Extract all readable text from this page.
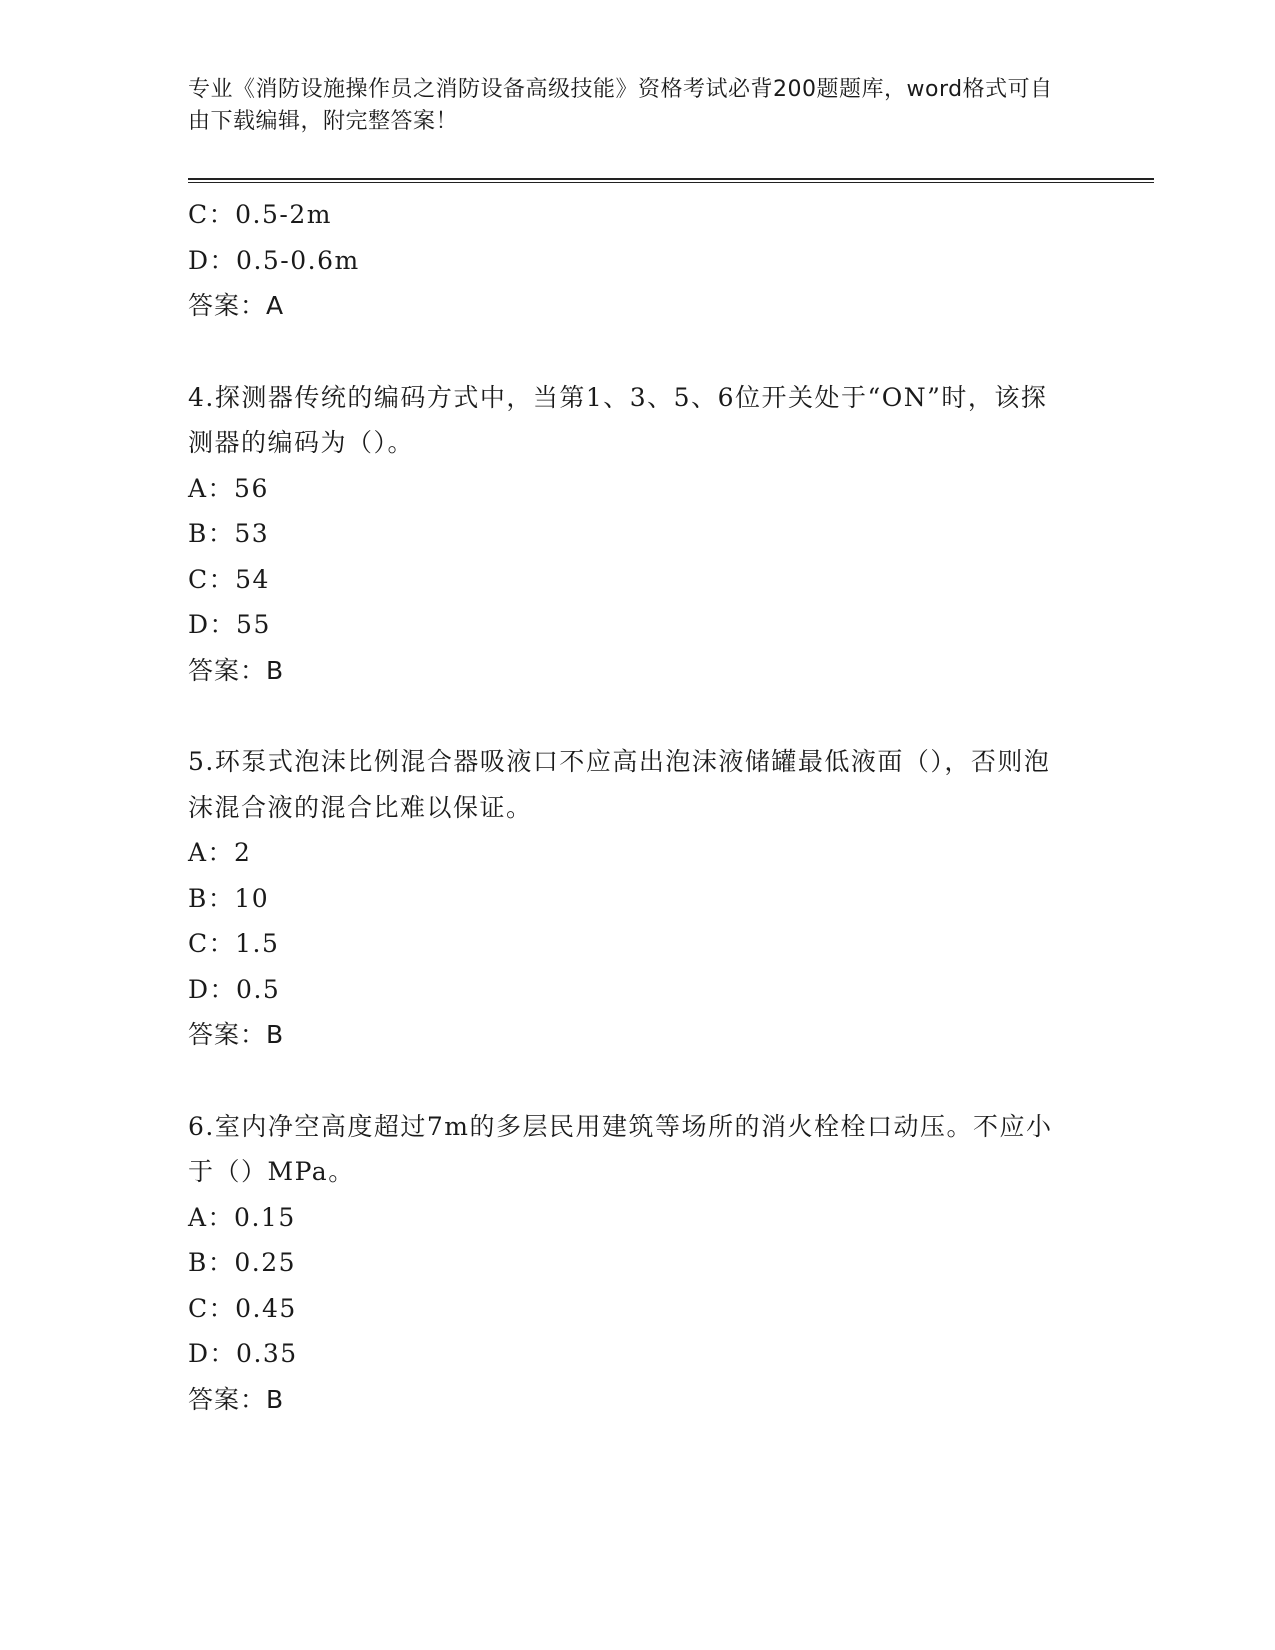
专业《消防设施操作员之消防设备高级技能》资格考试必背200题题库，word格式可自由下载编辑，附完整答案！
C：0.5-2m
D：0.5-0.6m
答案：A
4.探测器传统的编码方式中，当第1、3、5、6位开关处于“ON”时，该探测器的编码为（）。
A：56
B：53
C：54
D：55
答案：B
5.环泵式泡沫比例混合器吸液口不应高出泡沫液储罐最低液面（），否则泡沫混合液的混合比难以保证。
A：2
B：10
C：1.5
D：0.5
答案：B
6.室内净空高度超过7m的多层民用建筑等场所的消火栓栓口动压。不应小于（）MPa。
A：0.15
B：0.25
C：0.45
D：0.35
答案：B
